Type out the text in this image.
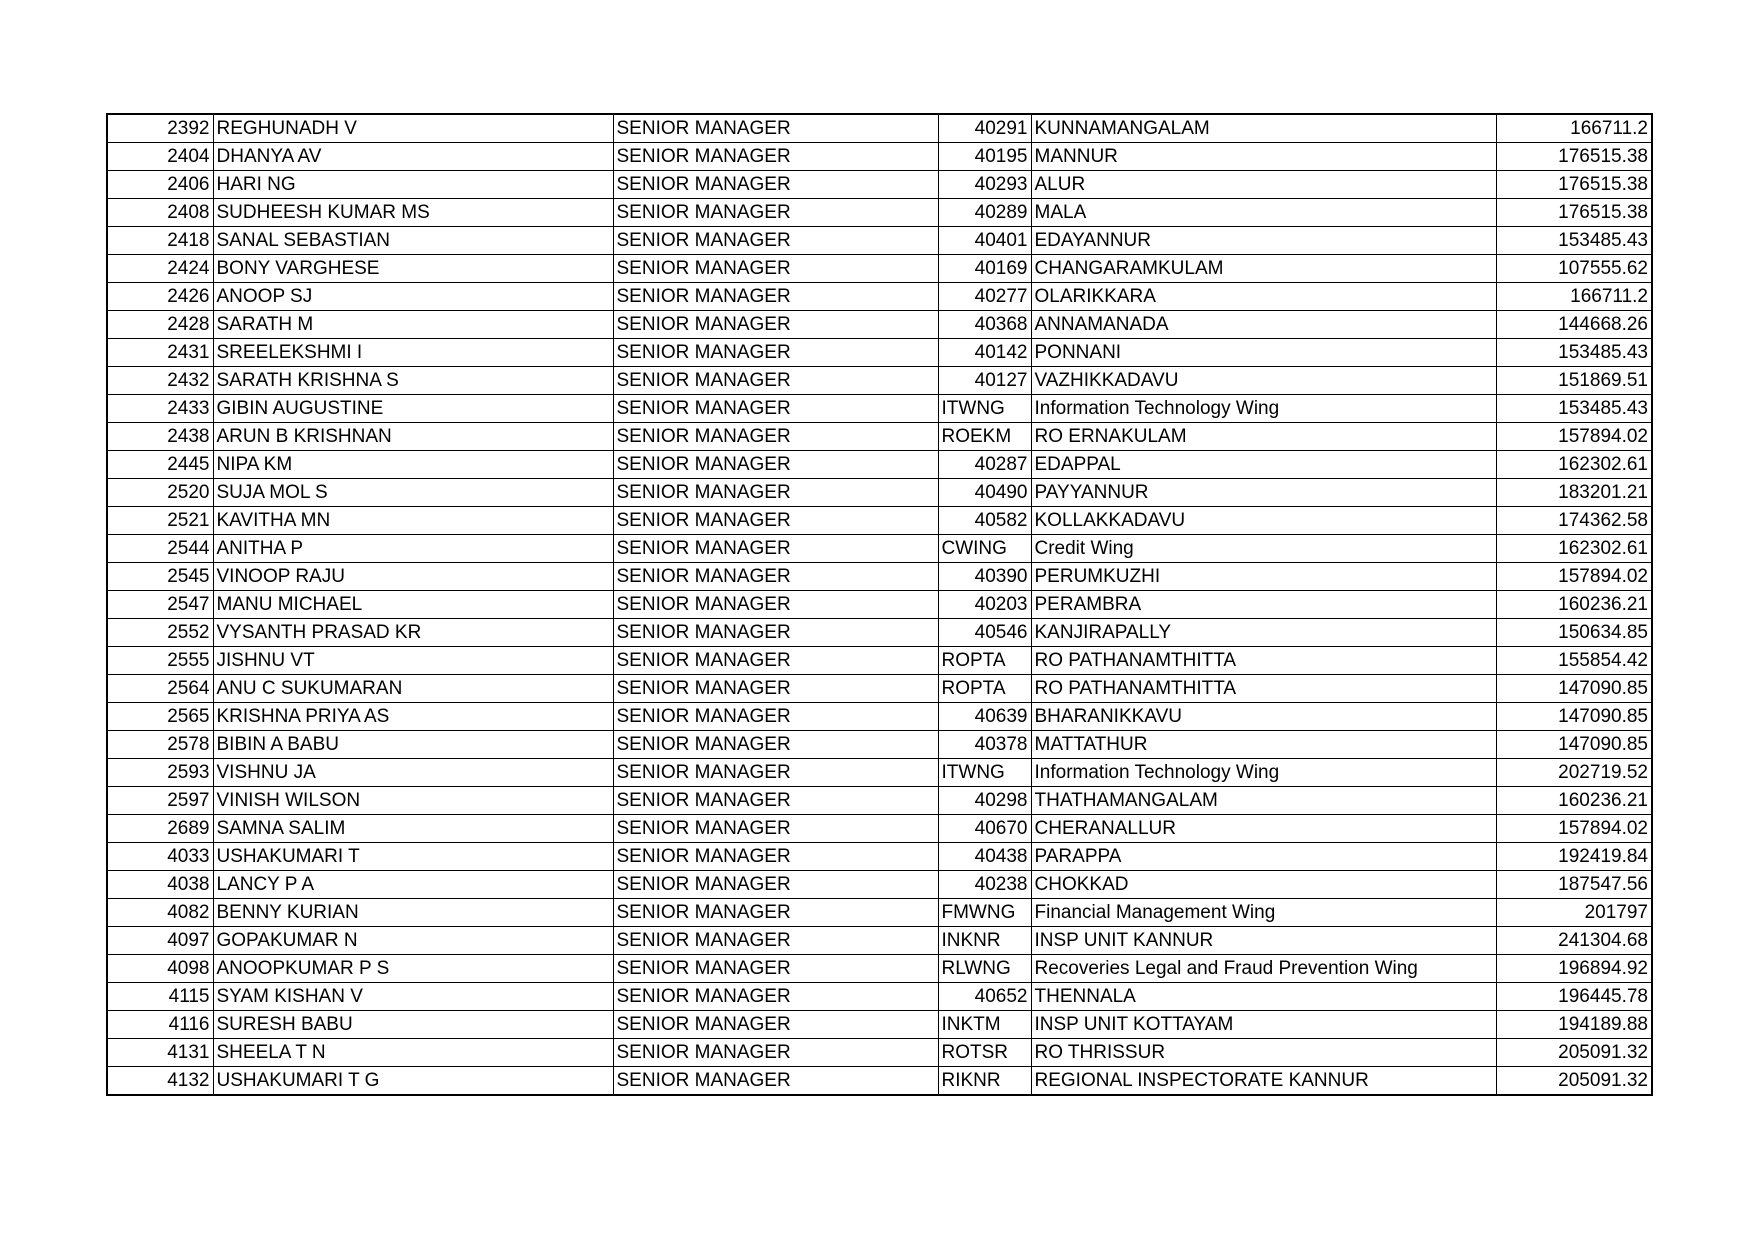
2392	REGHUNADH V	SENIOR MANAGER	40291	KUNNAMANGALAM	166711.2
2404	DHANYA AV	SENIOR MANAGER	40195	MANNUR	176515.38
2406	HARI NG	SENIOR MANAGER	40293	ALUR	176515.38
2408	SUDHEESH KUMAR MS	SENIOR MANAGER	40289	MALA	176515.38
2418	SANAL SEBASTIAN	SENIOR MANAGER	40401	EDAYANNUR	153485.43
2424	BONY VARGHESE	SENIOR MANAGER	40169	CHANGARAMKULAM	107555.62
2426	ANOOP SJ	SENIOR MANAGER	40277	OLARIKKARA	166711.2
2428	SARATH M	SENIOR MANAGER	40368	ANNAMANADA	144668.26
2431	SREELEKSHMI I	SENIOR MANAGER	40142	PONNANI	153485.43
2432	SARATH KRISHNA S	SENIOR MANAGER	40127	VAZHIKKADAVU	151869.51
2433	GIBIN AUGUSTINE	SENIOR MANAGER	ITWNG	Information Technology Wing	153485.43
2438	ARUN B KRISHNAN	SENIOR MANAGER	ROEKM	RO ERNAKULAM	157894.02
2445	NIPA KM	SENIOR MANAGER	40287	EDAPPAL	162302.61
2520	SUJA MOL S	SENIOR MANAGER	40490	PAYYANNUR	183201.21
2521	KAVITHA MN	SENIOR MANAGER	40582	KOLLAKKADAVU	174362.58
2544	ANITHA P	SENIOR MANAGER	CWING	Credit Wing	162302.61
2545	VINOOP RAJU	SENIOR MANAGER	40390	PERUMKUZHI	157894.02
2547	MANU MICHAEL	SENIOR MANAGER	40203	PERAMBRA	160236.21
2552	VYSANTH PRASAD KR	SENIOR MANAGER	40546	KANJIRAPALLY	150634.85
2555	JISHNU VT	SENIOR MANAGER	ROPTA	RO PATHANAMTHITTA	155854.42
2564	ANU C SUKUMARAN	SENIOR MANAGER	ROPTA	RO PATHANAMTHITTA	147090.85
2565	KRISHNA PRIYA AS	SENIOR MANAGER	40639	BHARANIKKAVU	147090.85
2578	BIBIN A BABU	SENIOR MANAGER	40378	MATTATHUR	147090.85
2593	VISHNU JA	SENIOR MANAGER	ITWNG	Information Technology Wing	202719.52
2597	VINISH WILSON	SENIOR MANAGER	40298	THATHAMANGALAM	160236.21
2689	SAMNA SALIM	SENIOR MANAGER	40670	CHERANALLUR	157894.02
4033	USHAKUMARI T	SENIOR MANAGER	40438	PARAPPA	192419.84
4038	LANCY P A	SENIOR MANAGER	40238	CHOKKAD	187547.56
4082	BENNY KURIAN	SENIOR MANAGER	FMWNG	Financial Management Wing	201797
4097	GOPAKUMAR N	SENIOR MANAGER	INKNR	INSP UNIT KANNUR	241304.68
4098	ANOOPKUMAR P S	SENIOR MANAGER	RLWNG	Recoveries Legal and Fraud Prevention Wing	196894.92
4115	SYAM KISHAN V	SENIOR MANAGER	40652	THENNALA	196445.78
4116	SURESH BABU	SENIOR MANAGER	INKTM	INSP UNIT KOTTAYAM	194189.88
4131	SHEELA T N	SENIOR MANAGER	ROTSR	RO THRISSUR	205091.32
4132	USHAKUMARI T G	SENIOR MANAGER	RIKNR	REGIONAL INSPECTORATE KANNUR	205091.32
